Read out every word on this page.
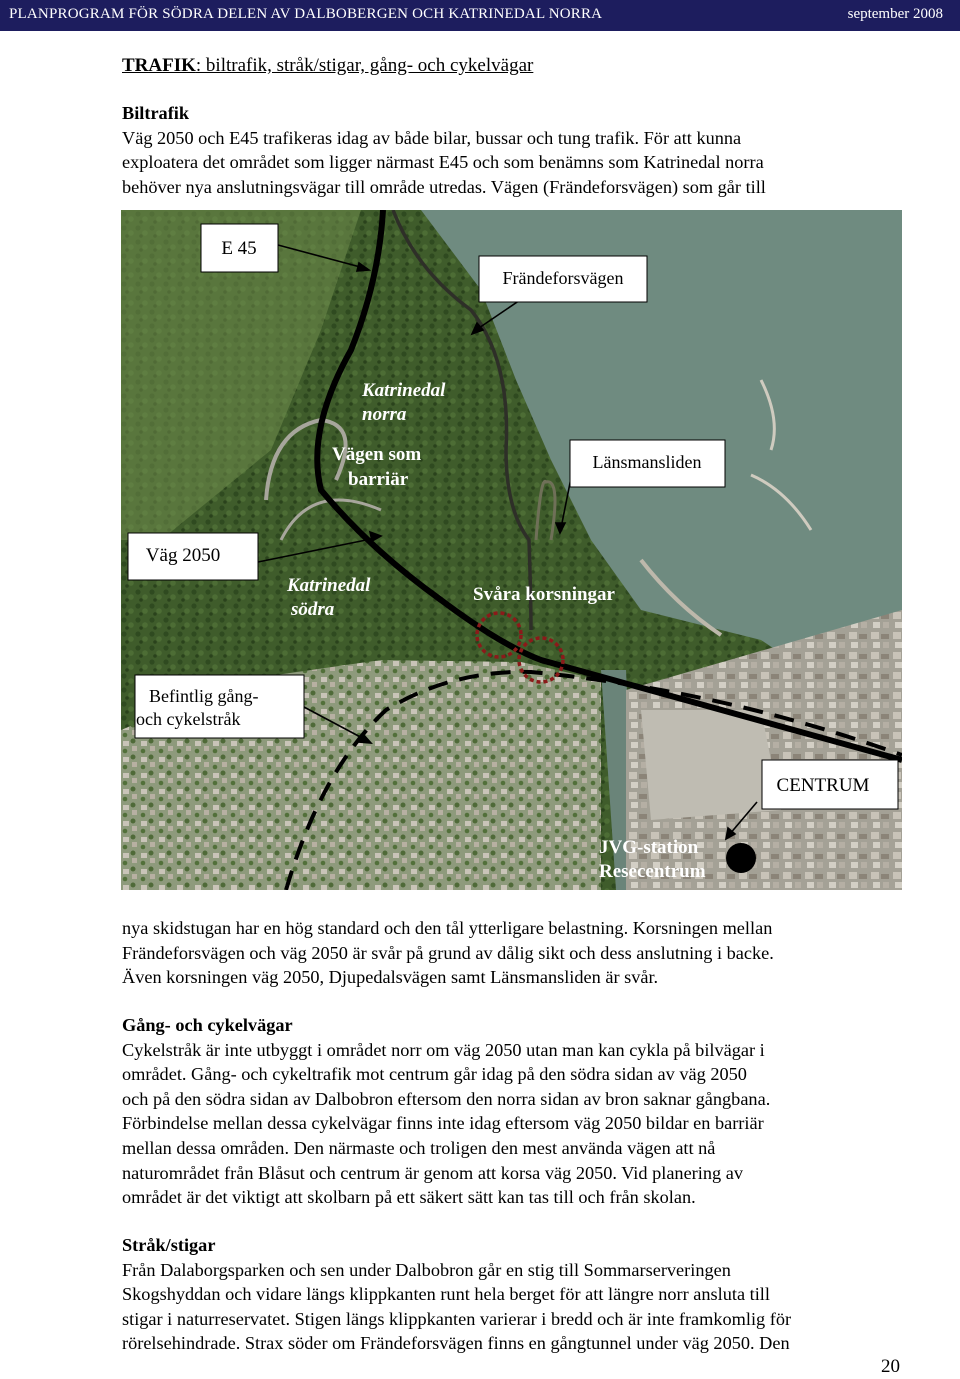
PLANPROGRAM FÖR SÖDRA DELEN AV DALBOBERGEN OCH KATRINEDAL NORRA	september 2008
TRAFIK: biltrafik, stråk/stigar, gång- och cykelvägar

Biltrafik

Väg 2050 och E45 trafikeras idag av både bilar, bussar och tung trafik. För att kunna

exploatera det området som ligger närmast E45 och som benämns som Katrinedal norra

behöver nya anslutningsvägar till område utredas. Vägen (Frändeforsvägen) som går till

E 45
Frändeforsvägen
Länsmansliden
Väg 2050
Befintlig gång-
och cykelstråk
CENTRUM
Katrinedal
norra
Vägen som
barriär
Katrinedal
södra
Svåra korsningar
JVG-station
Resecentrum

nya skidstugan har en hög standard och den tål ytterligare belastning. Korsningen mellan

Frändeforsvägen och väg 2050 är svår på grund av dålig sikt och dess anslutning i backe.

Även korsningen väg 2050, Djupedalsvägen samt Länsmansliden är svår.

Gång- och cykelvägar

Cykelstråk är inte utbyggt i området norr om väg 2050 utan man kan cykla på bilvägar i

området. Gång- och cykeltrafik mot centrum går idag på den södra sidan av väg 2050

och på den södra sidan av Dalbobron eftersom den norra sidan av bron saknar gångbana.

Förbindelse mellan dessa cykelvägar finns inte idag eftersom väg 2050 bildar en barriär

mellan dessa områden. Den närmaste och troligen den mest använda vägen att nå

naturområdet från Blåsut och centrum är genom att korsa väg 2050. Vid planering av

området är det viktigt att skolbarn på ett säkert sätt kan tas till och från skolan.

Stråk/stigar

Från Dalaborgsparken och sen under Dalbobron går en stig till Sommarserveringen

Skogshyddan och vidare längs klippkanten runt hela berget för att längre norr ansluta till

stigar i naturreservatet. Stigen längs klippkanten varierar i bredd och är inte framkomlig för

rörelsehindrade. Strax söder om Frändeforsvägen finns en gångtunnel under väg 2050. Den

20
